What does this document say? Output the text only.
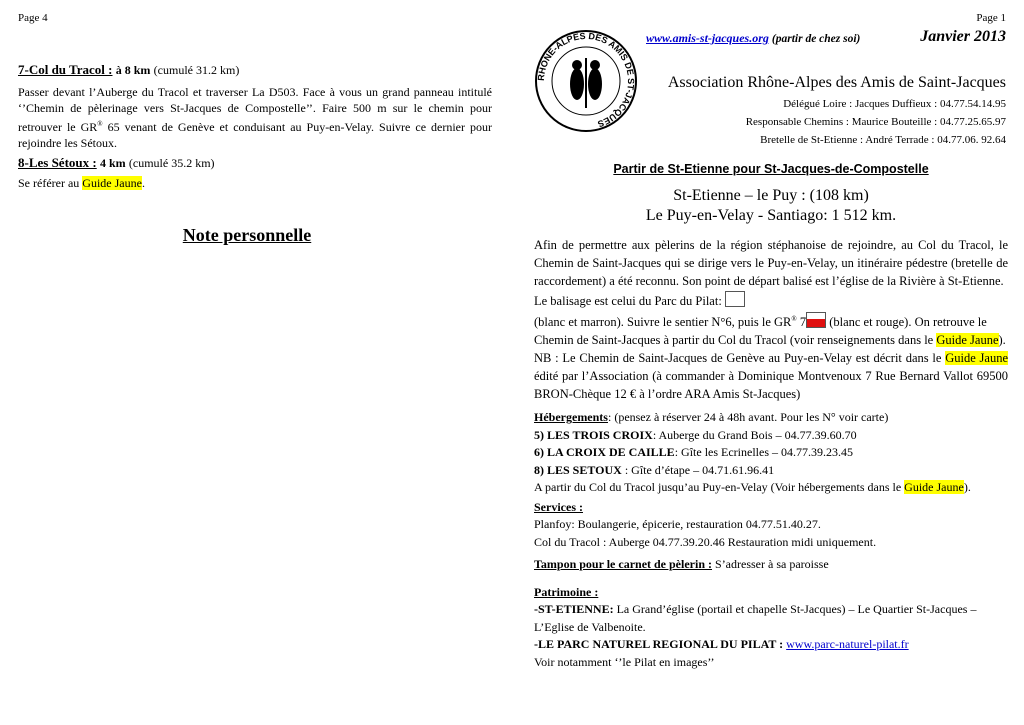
Page 4

7-Col du Tracol : à 8 km (cumulé 31.2 km)

Passer devant l’Auberge du Tracol et traverser La D503. Face à vous un grand panneau intitulé ‘’Chemin de pèlerinage vers St-Jacques de Compostelle’’. Faire 500 m sur le chemin pour retrouver le GR® 65 venant de Genève et conduisant au Puy-en-Velay. Suivre ce dernier pour rejoindre les Sétoux.

8-Les Sétoux : 4 km (cumulé 35.2 km)

Se référer au Guide Jaune.

Note personnelle
Page 1
RHONE-ALPES DES AMIS DE ST-JACQUES
www.amis-st-jacques.org (partir de chez soi)	Janvier 2013
Association Rhône-Alpes des Amis de Saint-Jacques
Délégué Loire : Jacques Duffieux : 04.77.54.14.95
Responsable Chemins : Maurice Bouteille : 04.77.25.65.97
Bretelle de St-Etienne : André Terrade : 04.77.06. 92.64
Partir de St-Etienne pour St-Jacques-de-Compostelle
St-Etienne – le Puy : (108 km)
Le Puy-en-Velay - Santiago: 1 512 km.

Afin de permettre aux pèlerins de la région stéphanoise de rejoindre, au Col du Tracol, le Chemin de Saint-Jacques qui se dirige vers le Puy-en-Velay, un itinéraire pédestre (bretelle de raccordement) a été reconnu. Son point de départ balisé est l’église de la Rivière à St-Etienne.

Le balisage est celui du Parc du Pilat:

(blanc et marron). Suivre le sentier N°6, puis le GR® 7
(blanc et rouge). On retrouve le Chemin de Saint-Jacques à partir du Col du Tracol (voir renseignements dans le Guide Jaune).

NB : Le Chemin de Saint-Jacques de Genève au Puy-en-Velay est décrit dans le Guide Jaune édité par l’Association (à commander à Dominique Montvenoux 7 Rue Bernard Vallot 69500 BRON-Chèque 12 € à l’ordre ARA Amis St-Jacques)

Hébergements: (pensez à réserver 24 à 48h avant. Pour les N° voir carte)
5) LES TROIS CROIX: Auberge du Grand Bois – 04.77.39.60.70
6) LA CROIX DE CAILLE: Gîte les Ecrinelles – 04.77.39.23.45
8) LES SETOUX : Gîte d’étape – 04.71.61.96.41
A partir du Col du Tracol jusqu’au Puy-en-Velay (Voir hébergements dans le Guide Jaune).
Services :
Planfoy: Boulangerie, épicerie, restauration 04.77.51.40.27.
Col du Tracol : Auberge 04.77.39.20.46 Restauration midi uniquement.
Tampon pour le carnet de pèlerin : S’adresser à sa paroisse
Patrimoine :
-ST-ETIENNE: La Grand’église (portail et chapelle St-Jacques) – Le Quartier St-Jacques – L’Eglise de Valbenoite.
-LE PARC NATUREL REGIONAL DU PILAT : www.parc-naturel-pilat.fr
Voir notamment ‘’le Pilat en images’’
